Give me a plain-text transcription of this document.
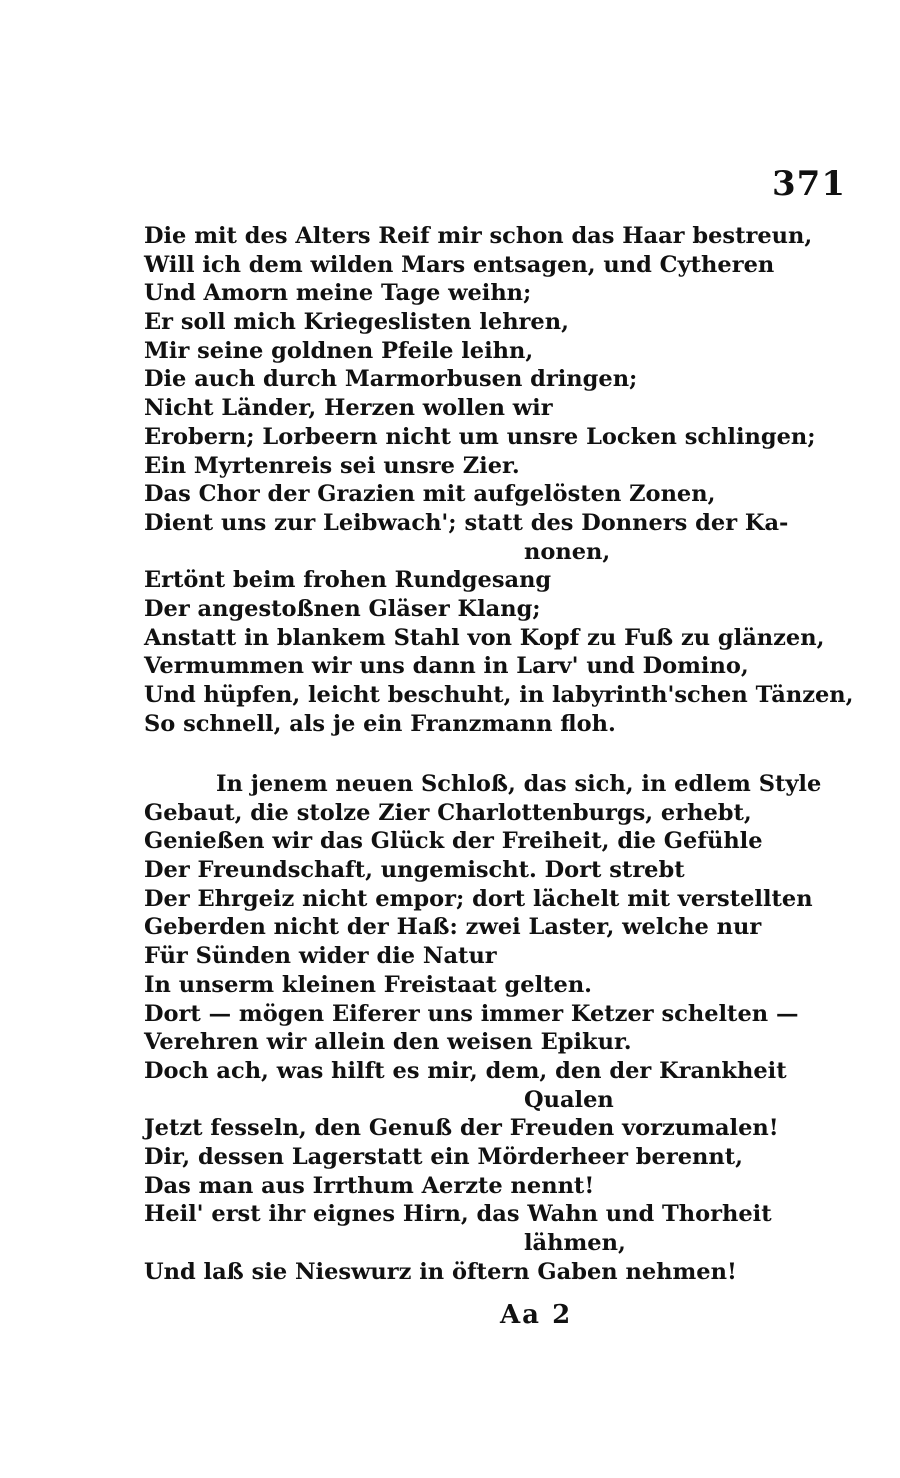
371
Die mit des Alters Reif mir schon das Haar bestreun,
Will ich dem wilden Mars entsagen, und Cytheren
Und Amorn meine Tage weihn;
Er soll mich Kriegeslisten lehren,
Mir seine goldnen Pfeile leihn,
Die auch durch Marmorbusen dringen;
Nicht Länder, Herzen wollen wir
Erobern; Lorbeern nicht um unsre Locken schlingen;
Ein Myrtenreis sei unsre Zier.
Das Chor der Grazien mit aufgelösten Zonen,
Dient uns zur Leibwach'; statt des Donners der Ka-
nonen,
Ertönt beim frohen Rundgesang
Der angestoßnen Gläser Klang;
Anstatt in blankem Stahl von Kopf zu Fuß zu glänzen,
Vermummen wir uns dann in Larv' und Domino,
Und hüpfen, leicht beschuht, in labyrinth'schen Tänzen,
So schnell, als je ein Franzmann floh.
In jenem neuen Schloß, das sich, in edlem Style
Gebaut, die stolze Zier Charlottenburgs, erhebt,
Genießen wir das Glück der Freiheit, die Gefühle
Der Freundschaft, ungemischt. Dort strebt
Der Ehrgeiz nicht empor; dort lächelt mit verstellten
Geberden nicht der Haß: zwei Laster, welche nur
Für Sünden wider die Natur
In unserm kleinen Freistaat gelten.
Dort — mögen Eiferer uns immer Ketzer schelten —
Verehren wir allein den weisen Epikur.
Doch ach, was hilft es mir, dem, den der Krankheit
Qualen
Jetzt fesseln, den Genuß der Freuden vorzumalen!
Dir, dessen Lagerstatt ein Mörderheer berennt,
Das man aus Irrthum Aerzte nennt!
Heil' erst ihr eignes Hirn, das Wahn und Thorheit
lähmen,
Und laß sie Nieswurz in öftern Gaben nehmen!
Aa 2
